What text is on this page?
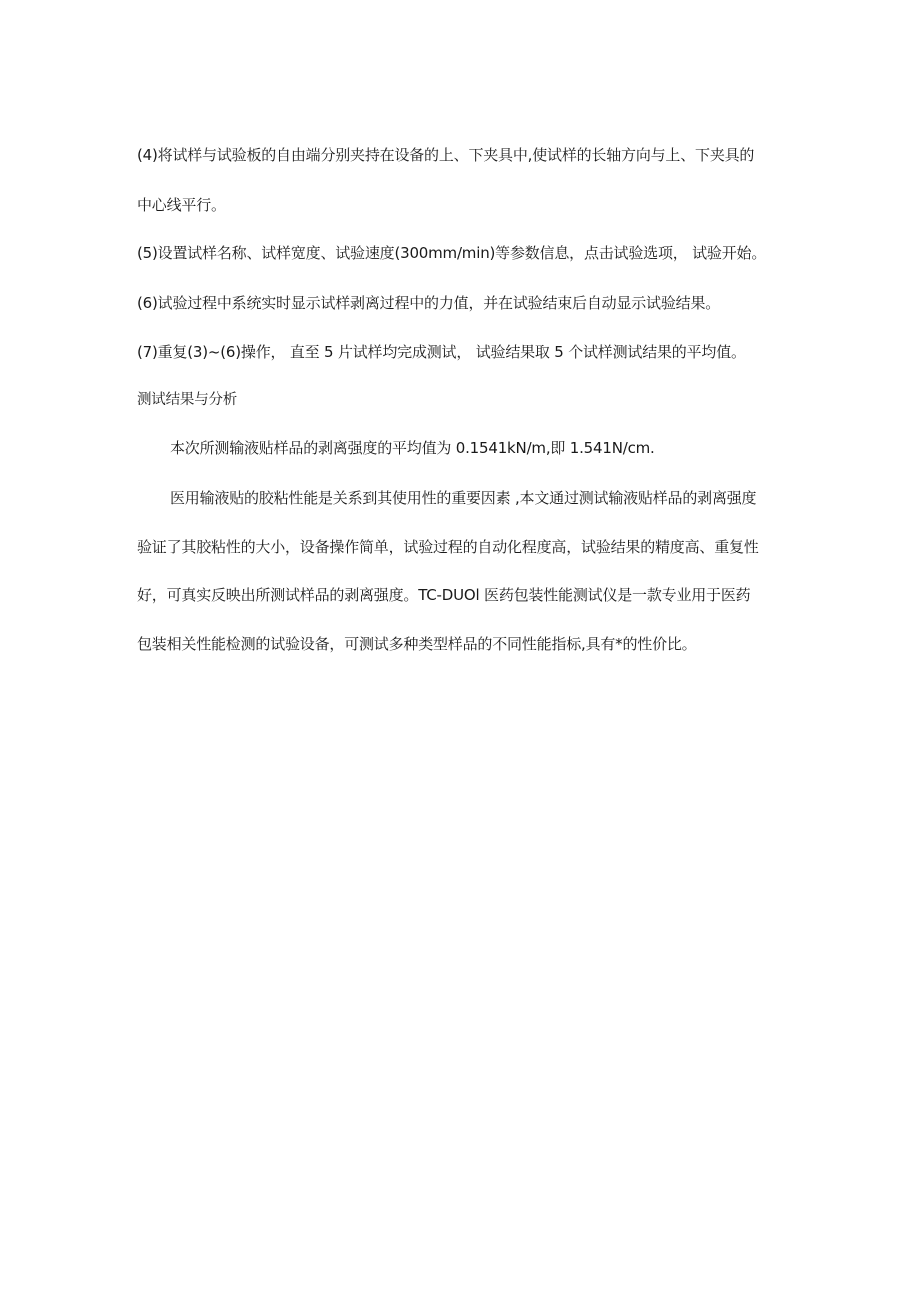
(4)将试样与试验板的自由端分别夹持在设备的上、下夹具中,使试样的长轴方向与上、下夹具的
中心线平行。
(5)设置试样名称、试样宽度、试验速度(300mm/min)等参数信息，点击试验选项， 试验开始。
(6)试验过程中系统实时显示试样剥离过程中的力值，并在试验结束后自动显示试验结果。
(7)重复(3)~(6)操作， 直至 5 片试样均完成测试， 试验结果取 5 个试样测试结果的平均值。
测试结果与分析
本次所测输液贴样品的剥离强度的平均值为 0.1541kN/m,即 1.541N/cm.
医用输液贴的胶粘性能是关系到其使用性的重要因素 ,本文通过测试输液贴样品的剥离强度
验证了其胶粘性的大小，设备操作简单，试验过程的自动化程度高，试验结果的精度高、重复性
好，可真实反映出所测试样品的剥离强度。TC-DUOl 医药包装性能测试仪是一款专业用于医药
包装相关性能检测的试验设备，可测试多种类型样品的不同性能指标,具有*的性价比。
